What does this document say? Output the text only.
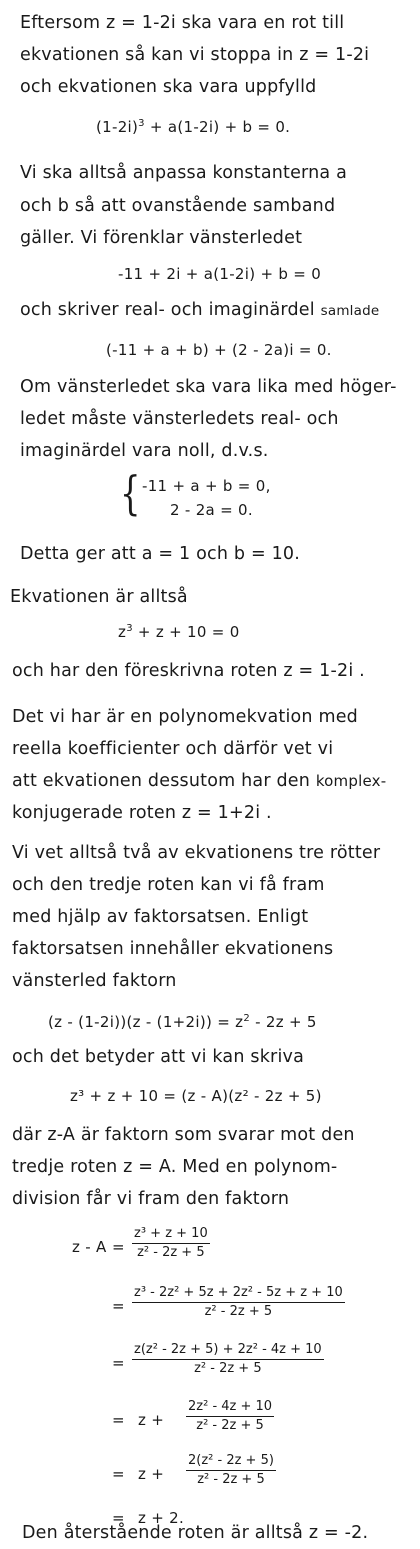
Eftersom z = 1-2i ska vara en rot till
ekvationen så kan vi stoppa in z = 1-2i
och ekvationen ska vara uppfylld
$(1-2i)^3 + a(1-2i) + b = 0$.
Vi ska alltså anpassa konstanterna a
och b så att ovanstående samband
gäller. Vi förenklar vänsterledet
-11 + 2i + a(1-2i) + b = 0
och skriver real- och imaginärdel samlade
(-11 + a + b) + (2 - 2a)i = 0.
Om vänsterledet ska vara lika med höger-
ledet måste vänsterledets real- och
imaginärdel vara noll, d.v.s.
{ -11 + a + b = 0,
2 - 2a = 0.
Detta ger att a = 1 och b = 10.
Ekvationen är alltså
$z^3 + z + 10 = 0$
och har den föreskrivna roten z = 1-2i .
Det vi har är en polynomekvation med
reella koefficienter och därför vet vi
att ekvationen dessutom har den komplex-
konjugerade roten z = 1+2i .
Vi vet alltså två av ekvationens tre rötter
och den tredje roten kan vi få fram
med hjälp av faktorsatsen. Enligt
faktorsatsen innehåller ekvationens
vänsterled faktorn
$(z - (1-2i))(z - (1+2i)) = z^2 - 2z + 5$
och det betyder att vi kan skriva
z³ + z + 10 = (z - A)(z² - 2z + 5)
där z-A är faktorn som svarar mot den
tredje roten z = A. Med en polynom-
division får vi fram den faktorn
z - A =
z³ + z + 10
z² - 2z + 5
=
z³ - 2z² + 5z + 2z² - 5z + z + 10
z² - 2z + 5
=
z(z² - 2z + 5) + 2z² - 4z + 10
z² - 2z + 5
= z +
2z² - 4z + 10
z² - 2z + 5
= z +
2(z² - 2z + 5)
z² - 2z + 5
= z + 2.
Den återstående roten är alltså z = -2.
